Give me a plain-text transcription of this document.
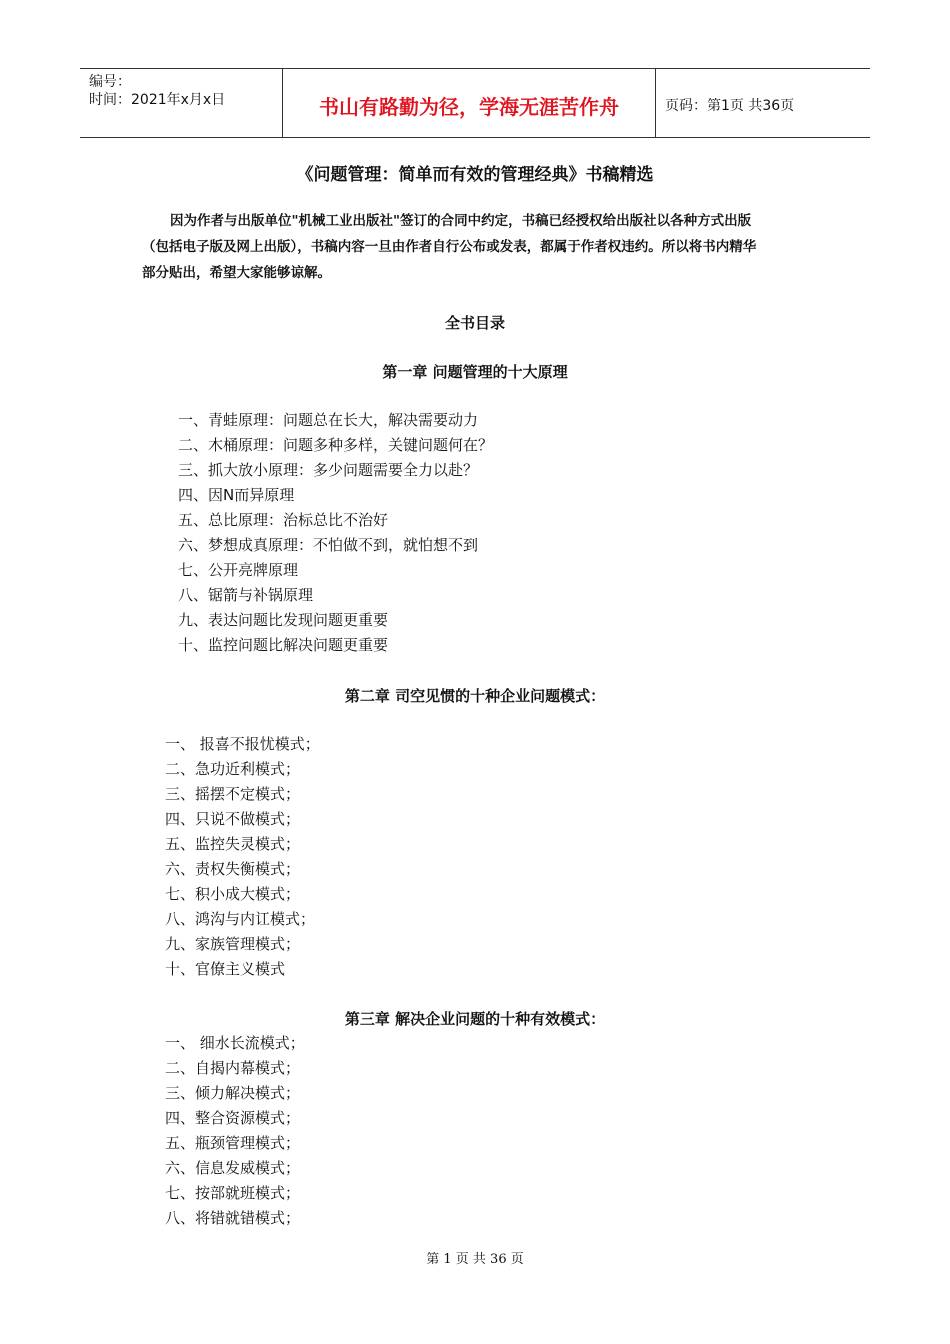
编号：
时间：2021年x月x日	书山有路勤为径，学海无涯苦作舟	页码：第1页 共36页
《问题管理：简单而有效的管理经典》书稿精选
因为作者与出版单位"机械工业出版社"签订的合同中约定，书稿已经授权给出版社以各种方式出版
（包括电子版及网上出版），书稿内容一旦由作者自行公布或发表，都属于作者权违约。所以将书内精华
部分贴出，希望大家能够谅解。
全书目录
第一章 问题管理的十大原理
一、青蛙原理：问题总在长大，解决需要动力
二、木桶原理：问题多种多样，关键问题何在？
三、抓大放小原理：多少问题需要全力以赴？
四、因N而异原理
五、总比原理：治标总比不治好
六、梦想成真原理：不怕做不到，就怕想不到
七、公开亮牌原理
八、锯箭与补锅原理
九、表达问题比发现问题更重要
十、监控问题比解决问题更重要
第二章 司空见惯的十种企业问题模式：
一、 报喜不报忧模式；
二、急功近利模式；
三、摇摆不定模式；
四、只说不做模式；
五、监控失灵模式；
六、责权失衡模式；
七、积小成大模式；
八、鸿沟与内讧模式；
九、家族管理模式；
十、官僚主义模式
第三章 解决企业问题的十种有效模式：
一、 细水长流模式；
二、自揭内幕模式；
三、倾力解决模式；
四、整合资源模式；
五、瓶颈管理模式；
六、信息发威模式；
七、按部就班模式；
八、将错就错模式；
第 1 页 共 36 页
